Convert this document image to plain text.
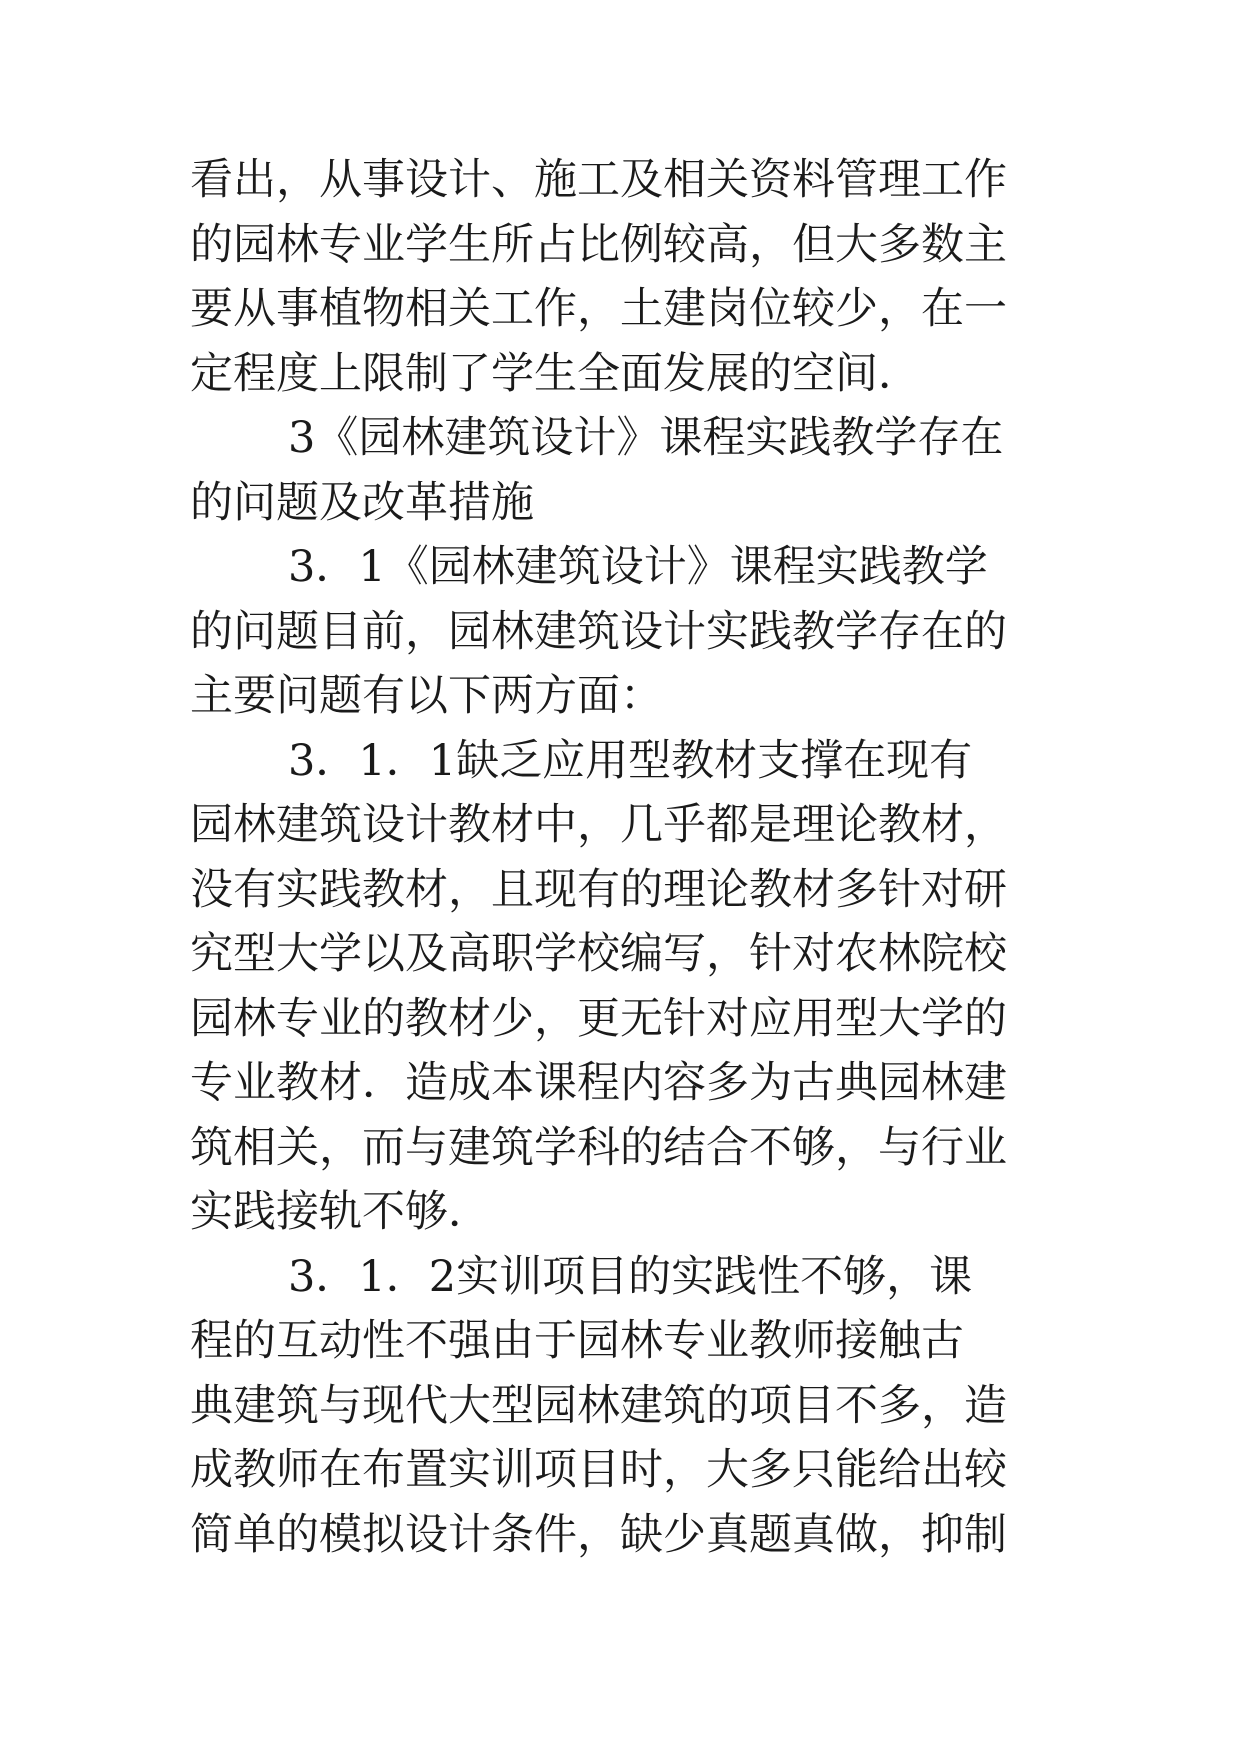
看出，从事设计、施工及相关资料管理工作
的园林专业学生所占比例较高，但大多数主
要从事植物相关工作，土建岗位较少，在一
定程度上限制了学生全面发展的空间．
3《园林建筑设计》课程实践教学存在
的问题及改革措施
3．1《园林建筑设计》课程实践教学
的问题目前，园林建筑设计实践教学存在的
主要问题有以下两方面：
3．1．1缺乏应用型教材支撑在现有
园林建筑设计教材中，几乎都是理论教材，
没有实践教材，且现有的理论教材多针对研
究型大学以及高职学校编写，针对农林院校
园林专业的教材少，更无针对应用型大学的
专业教材．造成本课程内容多为古典园林建
筑相关，而与建筑学科的结合不够，与行业
实践接轨不够．
3．1．2实训项目的实践性不够，课
程的互动性不强由于园林专业教师接触古
典建筑与现代大型园林建筑的项目不多，造
成教师在布置实训项目时，大多只能给出较
简单的模拟设计条件，缺少真题真做，抑制
